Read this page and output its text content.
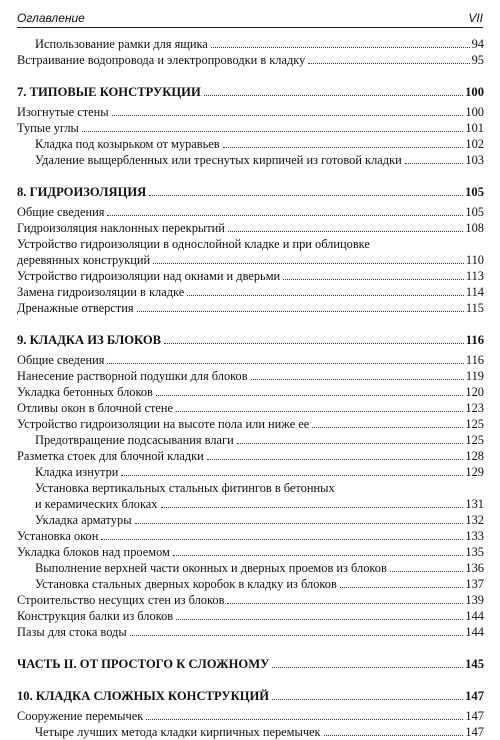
Оглавление	VII
Использование рамки для ящика	94
Встраивание водопровода и электропроводки в кладку	95
7. ТИПОВЫЕ КОНСТРУКЦИИ	100
Изогнутые стены	100
Тупые углы	101
Кладка под козырьком от муравьев	102
Удаление выщербленных или треснутых кирпичей из готовой кладки	103
8. ГИДРОИЗОЛЯЦИЯ	105
Общие сведения	105
Гидроизоляция наклонных перекрытий	108
Устройство гидроизоляции в однослойной кладке и при облицовке
деревянных конструкций	110
Устройство гидроизоляции над окнами и дверьми	113
Замена гидроизоляции в кладке	114
Дренажные отверстия	115
9. КЛАДКА ИЗ БЛОКОВ	116
Общие сведения	116
Нанесение растворной подушки для блоков	119
Укладка бетонных блоков	120
Отливы окон в блочной стене	123
Устройство гидроизоляции на высоте пола или ниже ее	125
Предотвращение подсасывания влаги	125
Разметка стоек для блочной кладки	128
Кладка изнутри	129
Установка вертикальных стальных фитингов в бетонных
и керамических блоках	131
Укладка арматуры	132
Установка окон	133
Укладка блоков над проемом	135
Выполнение верхней части оконных и дверных проемов из блоков	136
Установка стальных дверных коробок в кладку из блоков	137
Строительство несущих стен из блоков	139
Конструкция балки из блоков	144
Пазы для стока воды	144
ЧАСТЬ II. ОТ ПРОСТОГО К СЛОЖНОМУ	145
10. КЛАДКА СЛОЖНЫХ КОНСТРУКЦИЙ	147
Сооружение перемычек	147
Четыре лучших метода кладки кирпичных перемычек	147
